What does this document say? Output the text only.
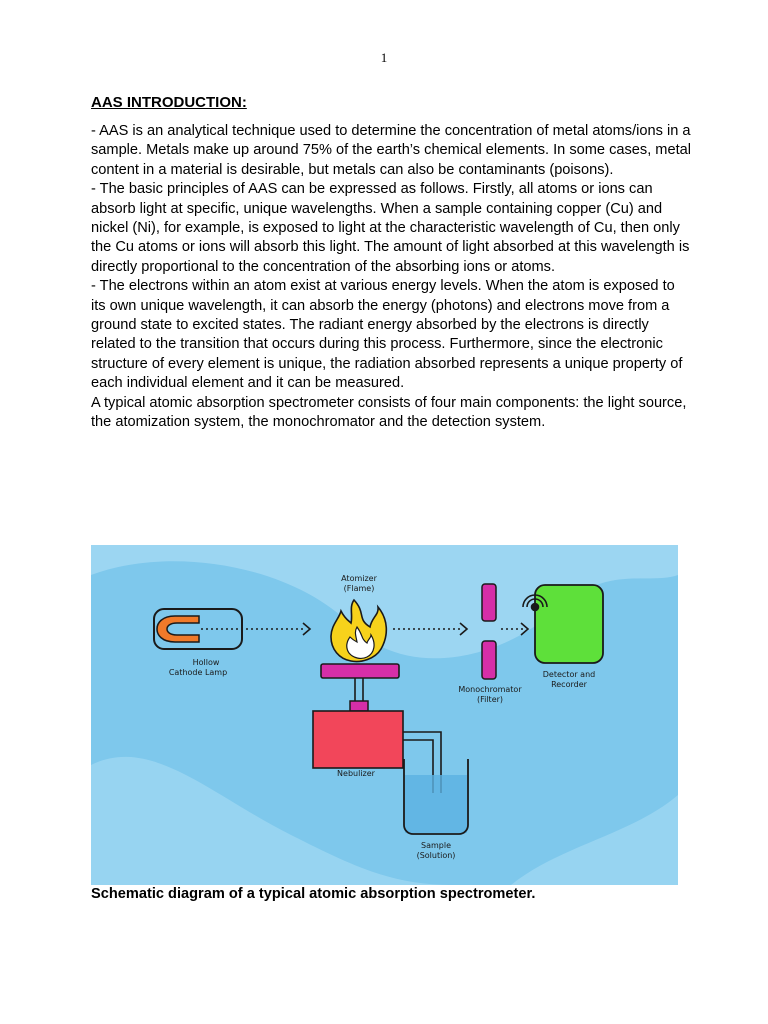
1
AAS INTRODUCTION:

- AAS is an analytical technique used to determine the concentration of metal atoms/ions in a sample. Metals make up around 75% of the earth’s chemical elements. In some cases, metal content in a material is desirable, but metals can also be contaminants (poisons).

- The basic principles of AAS can be expressed as follows. Firstly, all atoms or ions can absorb light at specific, unique wavelengths. When a sample containing copper (Cu) and nickel (Ni), for example, is exposed to light at the characteristic wavelength of Cu, then only the Cu atoms or ions will absorb this light. The amount of light absorbed at this wavelength is directly proportional to the concentration of the absorbing ions or atoms.

- The electrons within an atom exist at various energy levels. When the atom is exposed to its own unique wavelength, it can absorb the energy (photons) and electrons move from a ground state to excited states. The radiant energy absorbed by the electrons is directly related to the transition that occurs during this process. Furthermore, since the electronic structure of every element is unique, the radiation absorbed represents a unique property of each individual element and it can be measured.

A typical atomic absorption spectrometer consists of four main components: the light source, the atomization system, the monochromator and the detection system.

Hollow
Cathode Lamp
Atomizer
(Flame)
Nebulizer
Sample
(Solution)
Monochromator
(Filter)
Detector and
Recorder
Schematic diagram of a typical atomic absorption spectrometer.
